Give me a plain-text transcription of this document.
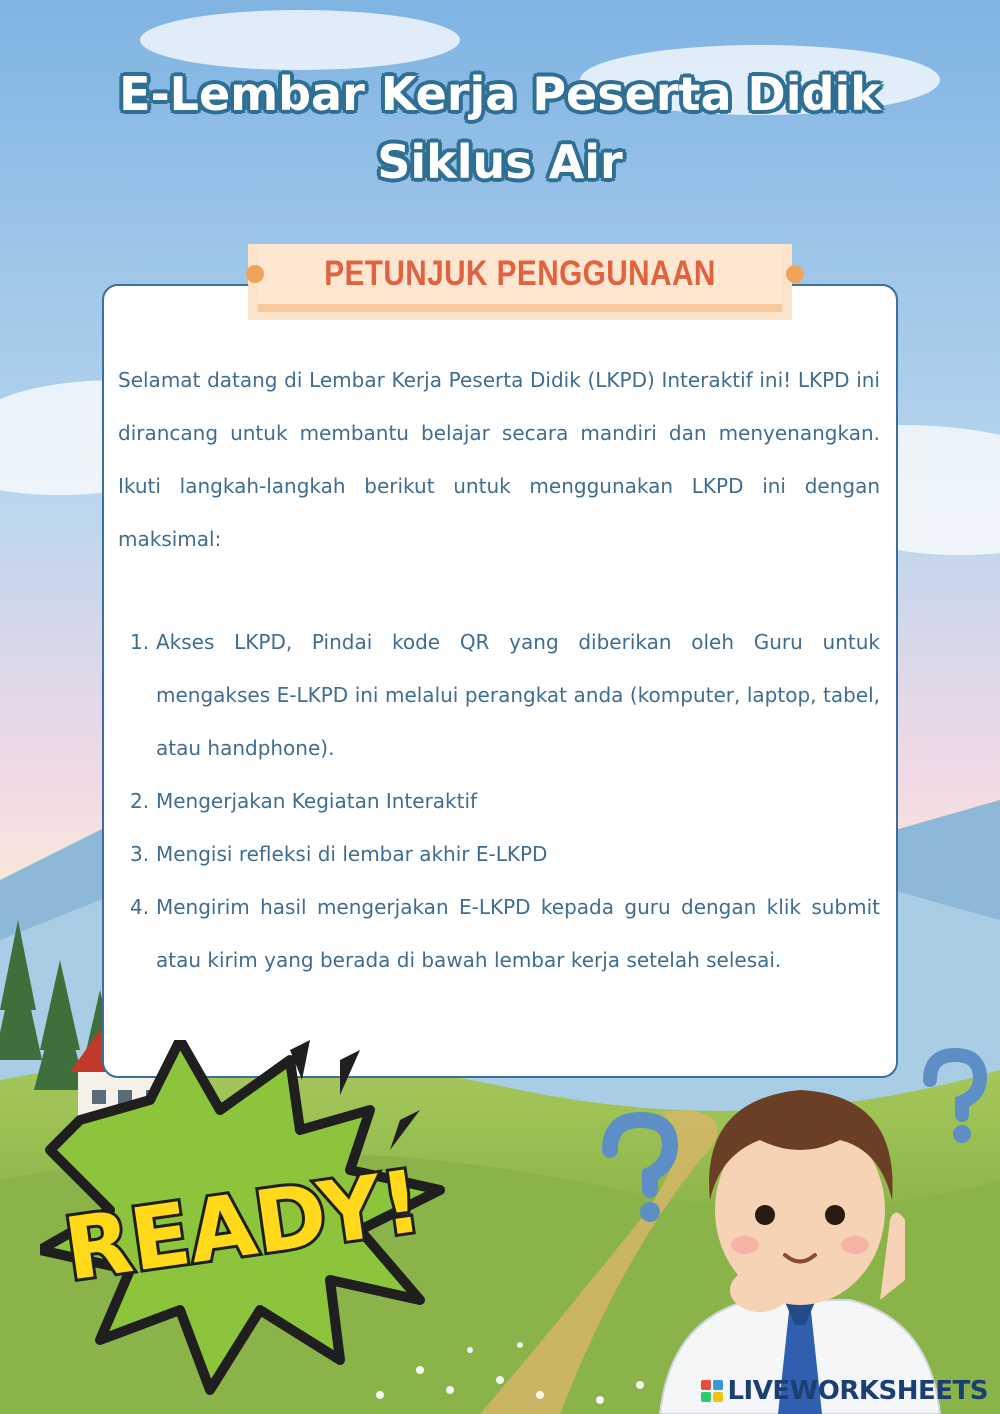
E-Lembar Kerja Peserta Didik
Siklus Air
PETUNJUK PENGGUNAAN
Selamat datang di Lembar Kerja Peserta Didik (LKPD) Interaktif ini! LKPD ini dirancang untuk membantu belajar secara mandiri dan menyenangkan. Ikuti langkah-langkah berikut untuk menggunakan LKPD ini dengan maksimal:
1. Akses LKPD, Pindai kode QR yang diberikan oleh Guru untuk mengakses E-LKPD ini melalui perangkat anda (komputer, laptop, tabel, atau handphone).
2. Mengerjakan Kegiatan Interaktif
3. Mengisi refleksi di lembar akhir E-LKPD
4. Mengirim hasil mengerjakan E-LKPD kepada guru dengan klik submit atau kirim yang berada di bawah lembar kerja setelah selesai.
READY!
LIVEWORKSHEETS
